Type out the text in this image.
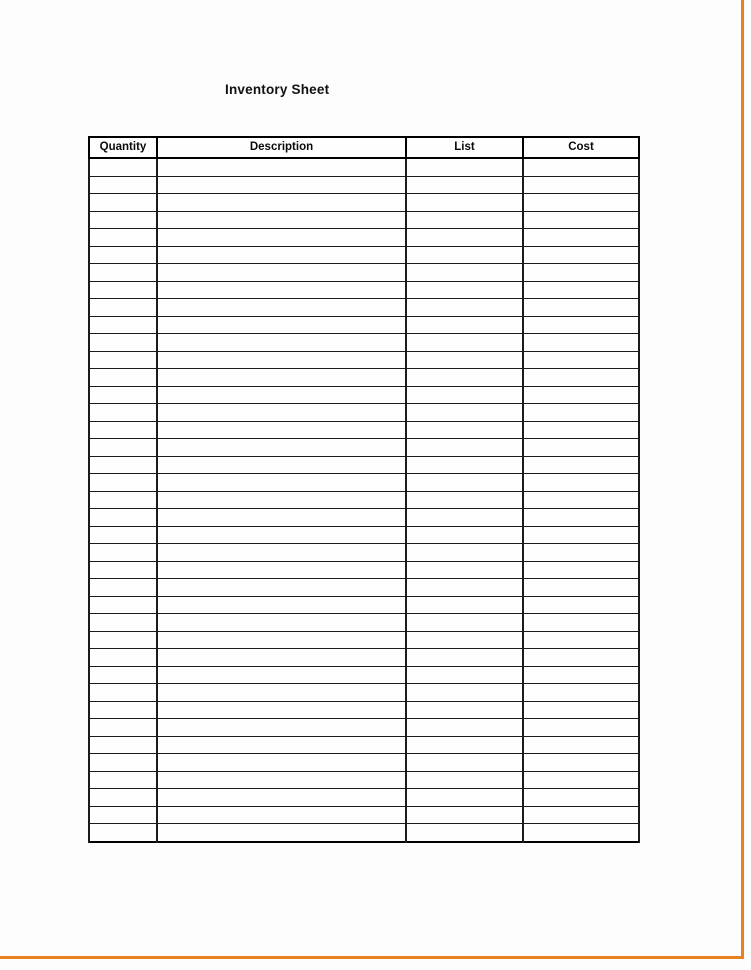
Inventory Sheet
Quantity	Description	List	Cost
